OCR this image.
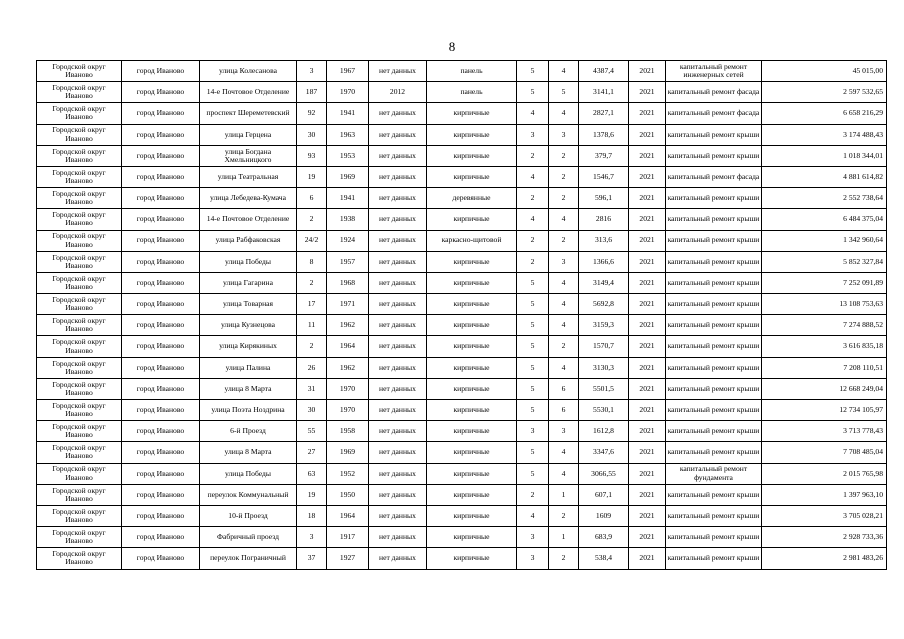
8
Городской округ Иваново	город Иваново	улица Колесанова	3	1967	нет данных	панель	5	4	4387,4	2021	капитальный ремонт инженерных сетей	45 015,00
Городской округ Иваново	город Иваново	14-е Почтовое Отделение	187	1970	2012	панель	5	5	3141,1	2021	капитальный ремонт фасада	2 597 532,65
Городской округ Иваново	город Иваново	проспект Шереметевский	92	1941	нет данных	кирпичные	4	4	2827,1	2021	капитальный ремонт фасада	6 658 216,29
Городской округ Иваново	город Иваново	улица Герцена	30	1963	нет данных	кирпичные	3	3	1378,6	2021	капитальный ремонт крыши	3 174 488,43
Городской округ Иваново	город Иваново	улица Богдана Хмельницкого	93	1953	нет данных	кирпичные	2	2	379,7	2021	капитальный ремонт крыши	1 018 344,01
Городской округ Иваново	город Иваново	улица Театральная	19	1969	нет данных	кирпичные	4	2	1546,7	2021	капитальный ремонт фасада	4 881 614,82
Городской округ Иваново	город Иваново	улица Лебедева-Кумача	6	1941	нет данных	деревянные	2	2	596,1	2021	капитальный ремонт крыши	2 552 738,64
Городской округ Иваново	город Иваново	14-е Почтовое Отделение	2	1938	нет данных	кирпичные	4	4	2816	2021	капитальный ремонт крыши	6 484 375,04
Городской округ Иваново	город Иваново	улица Рабфаковская	24/2	1924	нет данных	каркасно-щитовой	2	2	313,6	2021	капитальный ремонт крыши	1 342 960,64
Городской округ Иваново	город Иваново	улица Победы	8	1957	нет данных	кирпичные	2	3	1366,6	2021	капитальный ремонт крыши	5 852 327,84
Городской округ Иваново	город Иваново	улица Гагарина	2	1968	нет данных	кирпичные	5	4	3149,4	2021	капитальный ремонт крыши	7 252 091,89
Городской округ Иваново	город Иваново	улица Товарная	17	1971	нет данных	кирпичные	5	4	5692,8	2021	капитальный ремонт крыши	13 108 753,63
Городской округ Иваново	город Иваново	улица Кузнецова	11	1962	нет данных	кирпичные	5	4	3159,3	2021	капитальный ремонт крыши	7 274 888,52
Городской округ Иваново	город Иваново	улица Кирякиных	2	1964	нет данных	кирпичные	5	2	1570,7	2021	капитальный ремонт крыши	3 616 835,18
Городской округ Иваново	город Иваново	улица Палина	26	1962	нет данных	кирпичные	5	4	3130,3	2021	капитальный ремонт крыши	7 208 110,51
Городской округ Иваново	город Иваново	улица 8 Марта	31	1970	нет данных	кирпичные	5	6	5501,5	2021	капитальный ремонт крыши	12 668 249,04
Городской округ Иваново	город Иваново	улица Поэта Ноздрина	30	1970	нет данных	кирпичные	5	6	5530,1	2021	капитальный ремонт крыши	12 734 105,97
Городской округ Иваново	город Иваново	6-й Проезд	55	1958	нет данных	кирпичные	3	3	1612,8	2021	капитальный ремонт крыши	3 713 778,43
Городской округ Иваново	город Иваново	улица 8 Марта	27	1969	нет данных	кирпичные	5	4	3347,6	2021	капитальный ремонт крыши	7 708 485,04
Городской округ Иваново	город Иваново	улица Победы	63	1952	нет данных	кирпичные	5	4	3066,55	2021	капитальный ремонт фундамента	2 015 765,98
Городской округ Иваново	город Иваново	переулок Коммунальный	19	1950	нет данных	кирпичные	2	1	607,1	2021	капитальный ремонт крыши	1 397 963,10
Городской округ Иваново	город Иваново	10-й Проезд	18	1964	нет данных	кирпичные	4	2	1609	2021	капитальный ремонт крыши	3 705 028,21
Городской округ Иваново	город Иваново	Фабричный проезд	3	1917	нет данных	кирпичные	3	1	683,9	2021	капитальный ремонт крыши	2 928 733,36
Городской округ Иваново	город Иваново	переулок Пограничный	37	1927	нет данных	кирпичные	3	2	538,4	2021	капитальный ремонт крыши	2 981 483,26
